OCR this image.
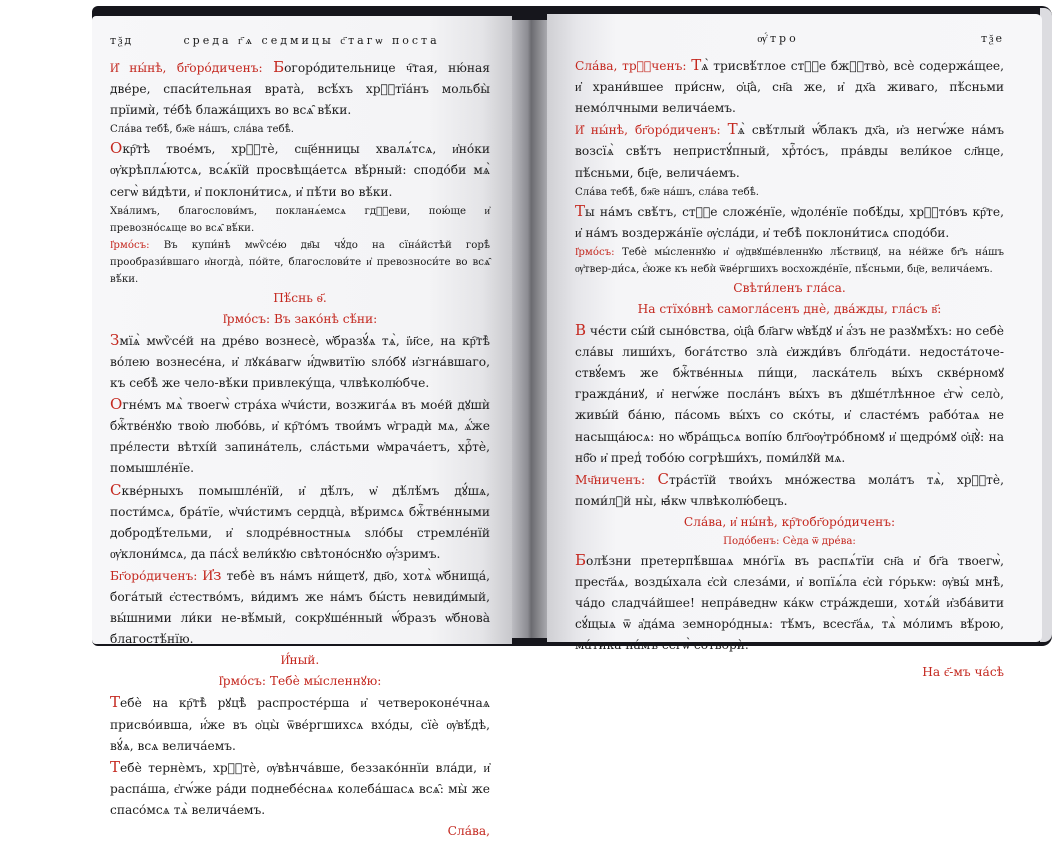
тѯд	среда г҃ѧ седмицы с҃тагѡ поста

И҆ ны́нѣ, бг҃оро́диченъ: Богоро́дительнице ч҇тая, ню́ная две́ре, спаси́тельная врата̀, всѣ́хъ хрⷭ҇тїа́нъ мольбы̀ прїимѝ, те́бѣ блажа́щихъ во всѧ̑ вѣ́ки.

Сла́ва тебѣ̀, бж҃е на́шъ, сла́ва тебѣ̀.

Окр҇тѣ твое́мъ, хрⷭ҇тѐ, сщ҃е́нницы хвалѧ́тсѧ, и҆но́ки ѹ҆крѣплѧ́ютсѧ, всѧ́кїй просвѣща́етсѧ вѣ́рный: сподо́би мѧ̀ сегѡ̀ ви́дѣти, и҆ поклони́тисѧ, и҆ пѣ́ти во вѣ́ки.

Хва́лимъ, благослови́мъ, покланѧ́емсѧ гдⷭ҇еви, пою́ще и҆ превозно́сѧще во всѧ̑ вѣ́ки.

І҆рмо́съ: Въ купи́нѣ мѡѷсе́ю дв҃ы чꙋ́до на сїна́йстѣй горѣ̀ прообрази́вшаго и҆ногда̀, по́йте, благослови́те и҆ превозноси́те во всѧ̑ вѣ́ки.

Пѣ́снь ѳ҃.
І҆рмо́съ: Въ зако́нѣ сѣ́ни:

Змїѧ̀ мѡѷсе́й на дре́во вознесѐ, ѡ҆бразꙋ́ѧ тѧ̀, і҆и҃се, на кр҇тѣ̀ во́лею вознесе́на, и҆ лꙋка́вагѡ и҆́дѡвитїю ѕло́бꙋ и҆згна́вшаго, къ себѣ̀ же чело-вѣ́ки привлеку́ща, члвѣколю́бче.

Огне́мъ мѧ̀ твоегѡ̀ стра́ха ѡ҆чи́сти, возжига́ѧ въ мое́й дꙋшѝ бжⷭ҇тве́нꙋю твою̀ любо́вь, и҆ кр҇то́мъ твои́мъ ѡ҆градѝ мѧ, ѧ҆́же пре́лести вѣтхі́й запина́тель, сла́стьми ѡ҆мрача́етъ, хрⷭ҇тѐ, помышле́нїе.

Скве́рныхъ помышле́нїй, и҆ дѣ́лъ, ѡ҆ дѣ́лѣ́мъ дꙋ́шѧ, пости́мсѧ, бра́тїе, ѡ҆чи́стимъ сердца̀, вѣ́римсѧ бжⷭ҇тве́нными добродѣ́тельми, и҆ ѕлодре́вностныѧ ѕло́бы стремле́нїй ѹ҆клони́мсѧ, да па́сх̾ вели́кꙋю свѣтоно́снꙋю ѹ҆́зримъ.

Бг҃оро́диченъ: И҆з тебѐ въ на́мъ ни́щетꙋ, дв҃о, хотѧ̀ ѡ҆бнища́, бога́тый є҆стество́мъ, ви́димъ же на́мъ бы́сть невиди́мый, вы́шними ли́ки не-вѣ́мый, сокрꙋше́нный ѡ҆́бразъ ѡ҆бнова̀ благостѣ́нїю.

И҆́ный.
І҆рмо́съ: Тебѐ мы́сленнꙋю:

Тебѐ на кр҇тѣ̀ рꙋцѣ̀ распросте́рша и҆ четвероконе́чнаѧ присво́ивша, и҆́же въ ѻ҆цы̀ ѿве́ргшихсѧ вхо́ды, сїѐ ѹ҆вѣ́дѣ, вꙋ́ѧ, всѧ велича́емъ.

Тебѐ тернѐмъ, хрⷭ҇тѐ, ѹ҆вѣнча́вше, беззако́ннїи вла́ди, и҆ распа́ша, є҆гѡ́же ра́ди поднебе́снаѧ колеба́шасѧ всѧ̑: мы̀ же спасо́мсѧ тѧ̀ велича́емъ.

Сла́ва,
ѹ҆́тро	тѯе

Сла́ва, трⷪ҇ченъ: Тѧ̀ трисвѣ́тлое стⷪ҇е бжⷭ҇тво̀, всѐ содержа́щее, и҆ храни́вшее при́снѡ, ѻ҆ц҃а̀, сн҃а же, и҆ дх҃а живаго, пѣ́сньми немо́лчными велича́емъ.

И҆ ны́нѣ, бг҃оро́диченъ: Тѧ̀ свѣ́тлый ѡ҆́блакъ дх҃а, и҆з негѡ́же на́мъ возсїѧ̀ свѣ́тъ непристꙋ́пный, хрⷭ҇то́съ, пра́вды вели́кое сл҃нце, пѣ́сньми, бц҃е, велича́емъ.

Сла́ва тебѣ̀, бж҃е на́шъ, сла́ва тебѣ̀.

Ты на́мъ свѣ́тъ, стⷪ҇е сложе́нїе, ѡ҆доле́нїе побѣ́ды, хрⷭ҇то́въ кр҇те, и҆ на́мъ воздержа́нїе ѹ҆сла́ди, и҆ тебѣ̀ поклони́тисѧ сподо́би.

І҆рмо́съ: Тебѐ мы́сленнꙋю и҆ ѹ҆двꙋше́вленнꙋю лѣ́ствицꙋ, на не́йже бг҃ъ на́шъ ѹ҆твер-ди́сѧ, є҆́юже къ небѝ ѿве́ргшихъ восхожде́нїе, пѣ́сньми, бц҃е, велича́емъ.

Свѣти́ленъ гла́са.
На стїхо́внѣ самогла́сенъ днѐ, два́жды, гла́съ в҃:

В че́сти сы́й сыно́вства, ѻ҆ц҃а̀ бл҃агѡ ѡ҆вѣ́дꙋ и҆ а҆́зъ не разꙋмѣ́хъ: но себѐ сла́вы лиши́хъ, бога́тство зла̀ є҆ижди́въ блг҃ода́ти. недоста́точе-ствꙋ́емъ же бжⷭ҇тве́нныѧ пи́щи, ласка́тель вы́хъ скве́рномꙋ гражда́ниꙋ, и҆ негѡ́же посла́нъ вы́хъ въ дꙋше́тлѣнное є҆гѡ̀ село̀, живы́й ба́ню, па́сомь вы́хъ со ско́ты, и҆ сласте́мъ рабо́таѧ не насыща́юсѧ: но ѡ҆бра́щьсѧ вопі́ю блг҃оѹ҆тро́бномꙋ и҆ щедро́мꙋ ѻ҆ц҃ꙋ̀: на нб҃о и҆ пред̾ тобо́ю согрѣши́хъ, поми́лꙋй мѧ.

Мч҃ниченъ: Стра́стїй твои́хъ мно́жества мола́тъ тѧ̀, хрⷭ҇тѐ, поми́лꙋй ны̀, ꙗ҆́кѡ члвѣколю́бецъ.

Сла́ва, и҆ ны́нѣ, кр҇тобг҃оро́диченъ:
Подо́бенъ: Сѐда ѿ дре́ва:

Болѣ́зни претерпѣ́вшаѧ мно́гїѧ въ распѧ́тїи сн҃а и҆ бг҃а твоегѡ̀, прест҃а́ѧ, возды́хала є҆сѝ слеза́ми, и҆ вопїѧ́ла є҆сѝ го́рькѡ: ѹ҆вы́ мнѣ̀, ча́до сладча́йшее! непра́веднѡ ка́кѡ стра́ждеши, хотѧ́й и҆зба́вити сꙋ́щыѧ ѿ а҆да́ма земноро́дныѧ: тѣ́мъ, всест҃а́ѧ, тѧ̀ мо́лимъ вѣ́рою, ма́тика на́мъ сегѡ̀ сотворѝ.

На є҃-мъ ча́сѣ
